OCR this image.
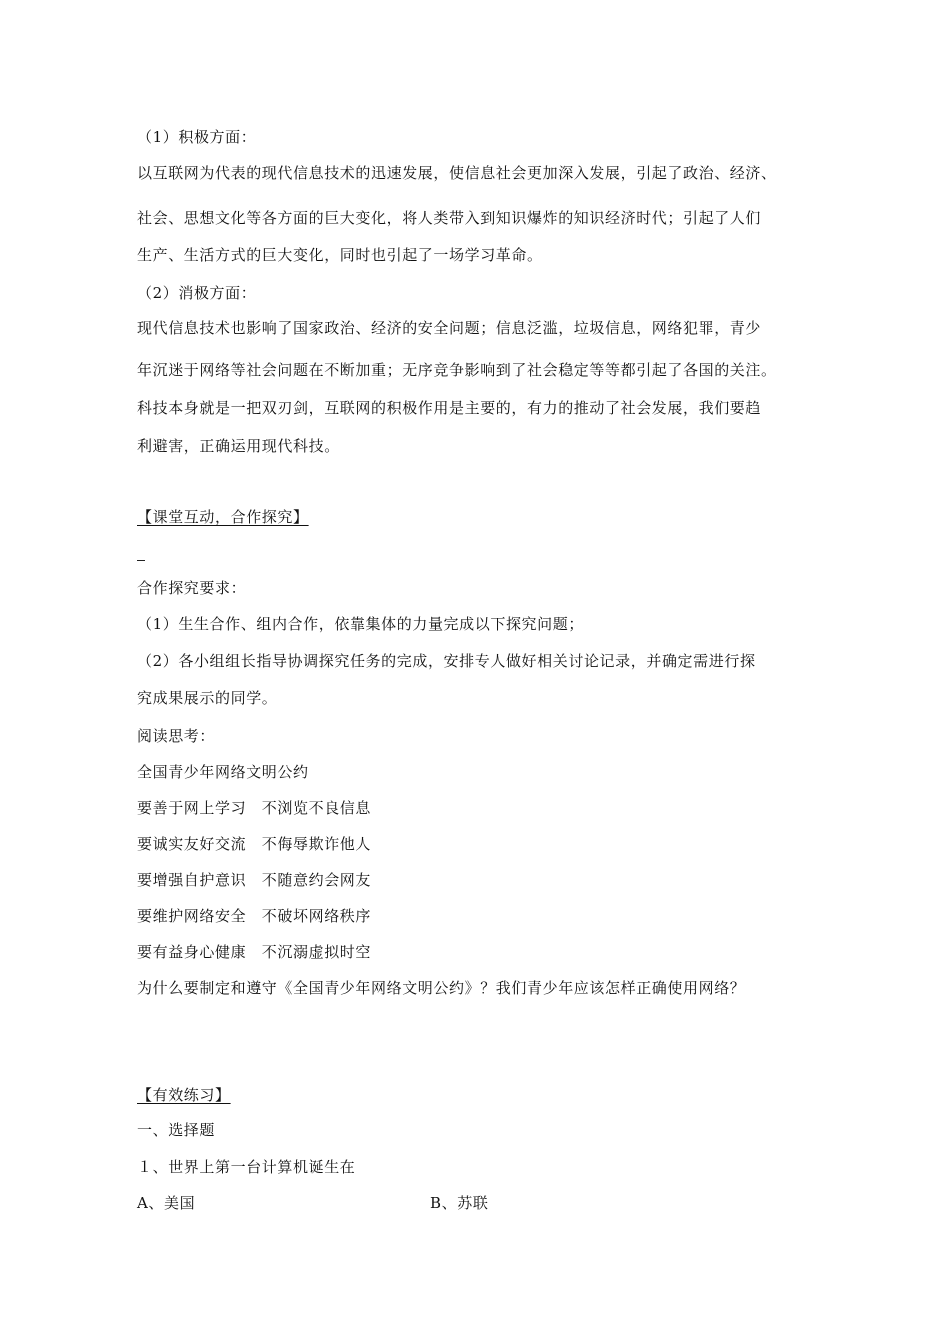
（1）积极方面：
以互联网为代表的现代信息技术的迅速发展，使信息社会更加深入发展，引起了政治、经济、
社会、思想文化等各方面的巨大变化，将人类带入到知识爆炸的知识经济时代；引起了人们
生产、生活方式的巨大变化，同时也引起了一场学习革命。
（2）消极方面：
现代信息技术也影响了国家政治、经济的安全问题；信息泛滥，垃圾信息，网络犯罪，青少
年沉迷于网络等社会问题在不断加重；无序竞争影响到了社会稳定等等都引起了各国的关注。
科技本身就是一把双刃剑，互联网的积极作用是主要的，有力的推动了社会发展，我们要趋
利避害，正确运用现代科技。
【课堂互动，合作探究】
合作探究要求：
（1）生生合作、组内合作，依靠集体的力量完成以下探究问题；
（2）各小组组长指导协调探究任务的完成，安排专人做好相关讨论记录，并确定需进行探
究成果展示的同学。
阅读思考：
全国青少年网络文明公约
要善于网上学习　不浏览不良信息
要诚实友好交流　不侮辱欺诈他人
要增强自护意识　不随意约会网友
要维护网络安全　不破坏网络秩序
要有益身心健康　不沉溺虚拟时空
为什么要制定和遵守《全国青少年网络文明公约》？我们青少年应该怎样正确使用网络？
【有效练习】
一、选择题
１、世界上第一台计算机诞生在
A、美国	B、苏联
